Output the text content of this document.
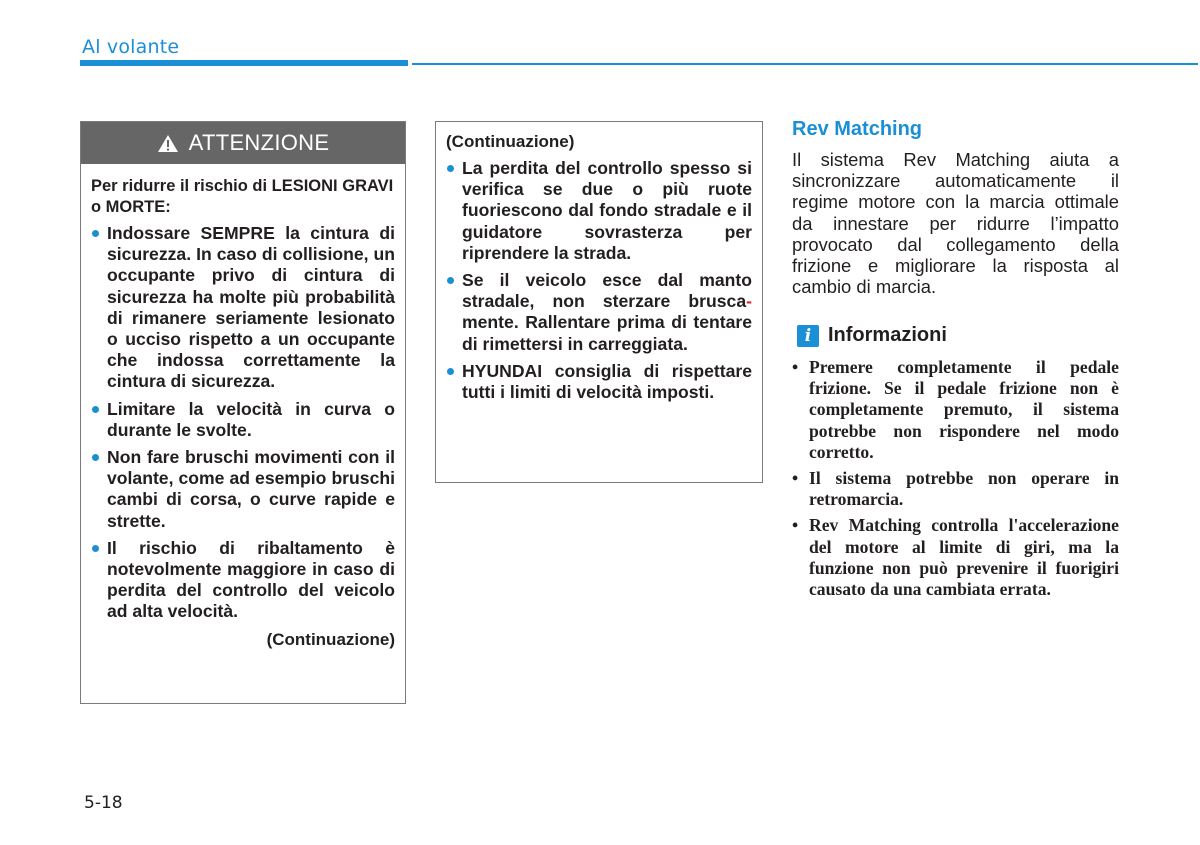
Al volante
ATTENZIONE

Per ridurre il rischio di LESIONI GRAVI o MORTE:

Indossare SEMPRE la cintura di sicurezza. In caso di collisione, un occupante privo di cintura di sicurezza ha molte più probabilità di rimanere seriamente lesionato o ucciso rispetto a un occupante che indossa correttamente la cintura di sicurezza.
Limitare la velocità in curva o durante le svolte.
Non fare bruschi movimenti con il volante, come ad esempio bruschi cambi di corsa, o curve rapide e strette.
Il rischio di ribaltamento è notevolmente maggiore in caso di perdita del controllo del veicolo ad alta velocità.
(Continuazione)
(Continuazione)
La perdita del controllo spesso si verifica se due o più ruote fuoriescono dal fondo stradale e il guidatore sovrasterza per riprendere la strada.
Se il veicolo esce dal manto stradale, non sterzare brusca- mente. Rallentare prima di tentare di rimettersi in carreggiata.
HYUNDAI consiglia di rispettare tutti i limiti di velocità imposti.
Rev Matching

Il sistema Rev Matching aiuta a sincronizzare automaticamente il regime motore con la marcia ottimale da innestare per ridurre l’impatto provocato dal collegamento della frizione e migliorare la risposta al cambio di marcia.

i Informazioni
• Premere completamente il pedale frizione. Se il pedale frizione non è completamente premuto, il sistema potrebbe non rispondere nel modo corretto.
• Il sistema potrebbe non operare in retromarcia.
• Rev Matching controlla l'accelerazione del motore al limite di giri, ma la funzione non può prevenire il fuorigiri causato da una cambiata errata.
5-18
